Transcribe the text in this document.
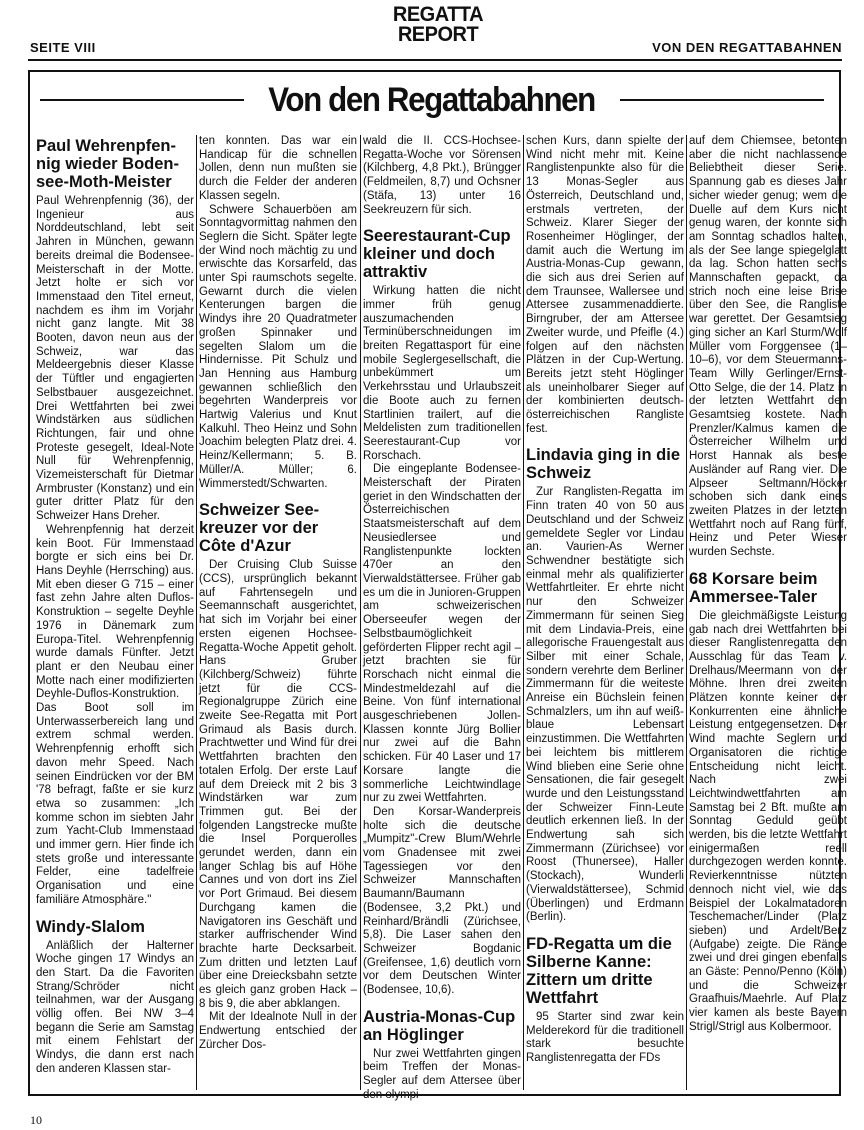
SEITE VIII
REGATTA
REPORT
VON DEN REGATTABAHNEN
Von den Regattabahnen
Paul Wehrenpfen-nig wieder Boden-see-Moth-Meister

Paul Wehrenpfennig (36), der Ingenieur aus Norddeutschland, lebt seit Jahren in München, gewann bereits dreimal die Bodensee-Meisterschaft in der Motte. Jetzt holte er sich vor Immenstaad den Titel erneut, nachdem es ihm im Vorjahr nicht ganz langte. Mit 38 Booten, davon neun aus der Schweiz, war das Meldeergebnis dieser Klasse der Tüftler und engagierten Selbstbauer ausgezeichnet. Drei Wettfahrten bei zwei Windstärken aus südlichen Richtungen, fair und ohne Proteste gesegelt, Ideal-Note Null für Wehrenpfennig, Vizemeisterschaft für Dietmar Armbruster (Konstanz) und ein guter dritter Platz für den Schweizer Hans Dreher.

Wehrenpfennig hat derzeit kein Boot. Für Immenstaad borgte er sich eins bei Dr. Hans Deyhle (Herrsching) aus. Mit eben dieser G 715 – einer fast zehn Jahre alten Duflos-Konstruktion – segelte Deyhle 1976 in Dänemark zum Europa-Titel. Wehrenpfennig wurde damals Fünfter. Jetzt plant er den Neubau einer Motte nach einer modifizierten Deyhle-Duflos-Konstruktion. Das Boot soll im Unterwasserbereich lang und extrem schmal werden. Wehrenpfennig erhofft sich davon mehr Speed. Nach seinen Eindrücken vor der BM '78 befragt, faßte er sie kurz etwa so zusammen: „Ich komme schon im siebten Jahr zum Yacht-Club Immenstaad und immer gern. Hier finde ich stets große und interessante Felder, eine tadelfreie Organisation und eine familiäre Atmosphäre."

Windy-Slalom

Anläßlich der Halterner Woche gingen 17 Windys an den Start. Da die Favoriten Strang/Schröder nicht teilnahmen, war der Ausgang völlig offen. Bei NW 3–4 begann die Serie am Samstag mit einem Fehlstart der Windys, die dann erst nach den anderen Klassen star-

ten konnten. Das war ein Handicap für die schnellen Jollen, denn nun mußten sie durch die Felder der anderen Klassen segeln.

Schwere Schauerböen am Sonntagvormittag nahmen den Seglern die Sicht. Später legte der Wind noch mächtig zu und erwischte das Korsarfeld, das unter Spi raumschots segelte. Gewarnt durch die vielen Kenterungen bargen die Windys ihre 20 Quadratmeter großen Spinnaker und segelten Slalom um die Hindernisse. Pit Schulz und Jan Henning aus Hamburg gewannen schließlich den begehrten Wanderpreis vor Hartwig Valerius und Knut Kalkuhl. Theo Heinz und Sohn Joachim belegten Platz drei. 4. Heinz/Kellermann; 5. B. Müller/A. Müller; 6. Wimmerstedt/Schwarten.

Schweizer See-kreuzer vor der Côte d'Azur

Der Cruising Club Suisse (CCS), ursprünglich bekannt auf Fahrtensegeln und Seemannschaft ausgerichtet, hat sich im Vorjahr bei einer ersten eigenen Hochsee-Regatta-Woche Appetit geholt. Hans Gruber (Kilchberg/Schweiz) führte jetzt für die CCS-Regionalgruppe Zürich eine zweite See-Regatta mit Port Grimaud als Basis durch. Prachtwetter und Wind für drei Wettfahrten brachten den totalen Erfolg. Der erste Lauf auf dem Dreieck mit 2 bis 3 Windstärken war zum Trimmen gut. Bei der folgenden Langstrecke mußte die Insel Porquerolles gerundet werden, dann ein langer Schlag bis auf Höhe Cannes und von dort ins Ziel vor Port Grimaud. Bei diesem Durchgang kamen die Navigatoren ins Geschäft und starker auffrischender Wind brachte harte Decksarbeit. Zum dritten und letzten Lauf über eine Dreiecksbahn setzte es gleich ganz groben Hack – 8 bis 9, die aber abklangen.

Mit der Idealnote Null in der Endwertung entschied der Zürcher Dos-

wald die II. CCS-Hochsee-Regatta-Woche vor Sörensen (Kilchberg, 4,8 Pkt.), Brüngger (Feldmeilen, 8,7) und Ochsner (Stäfa, 13) unter 16 Seekreuzern für sich.

Seerestaurant-Cup kleiner und doch attraktiv

Wirkung hatten die nicht immer früh genug auszumachenden Terminüberschneidungen im breiten Regattasport für eine mobile Seglergesellschaft, die unbekümmert um Verkehrsstau und Urlaubszeit die Boote auch zu fernen Startlinien trailert, auf die Meldelisten zum traditionellen Seerestaurant-Cup vor Rorschach.

Die eingeplante Bodensee-Meisterschaft der Piraten geriet in den Windschatten der Österreichischen Staatsmeisterschaft auf dem Neusiedlersee und Ranglistenpunkte lockten 470er an den Vierwaldstättersee. Früher gab es um die in Junioren-Gruppen am schweizerischen Oberseeufer wegen der Selbstbaumöglichkeit geförderten Flipper recht agil – jetzt brachten sie für Rorschach nicht einmal die Mindestmeldezahl auf die Beine. Von fünf international ausgeschriebenen Jollen-Klassen konnte Jürg Bollier nur zwei auf die Bahn schicken. Für 40 Laser und 17 Korsare langte die sommerliche Leichtwindlage nur zu zwei Wettfahrten.

Den Korsar-Wanderpreis holte sich die deutsche „Mumpitz"-Crew Blum/Wehrle vom Gnadensee mit zwei Tagessiegen vor den Schweizer Mannschaften Baumann/Baumann (Bodensee, 3,2 Pkt.) und Reinhard/Brändli (Zürichsee, 5,8). Die Laser sahen den Schweizer Bogdanic (Greifensee, 1,6) deutlich vorn vor dem Deutschen Winter (Bodensee, 10,6).

Austria-Monas-Cup an Höglinger

Nur zwei Wettfahrten gingen beim Treffen der Monas-Segler auf dem Attersee über den olympi-

schen Kurs, dann spielte der Wind nicht mehr mit. Keine Ranglistenpunkte also für die 13 Monas-Segler aus Österreich, Deutschland und, erstmals vertreten, der Schweiz. Klarer Sieger der Rosenheimer Höglinger, der damit auch die Wertung im Austria-Monas-Cup gewann, die sich aus drei Serien auf dem Traunsee, Wallersee und Attersee zusammenaddierte. Birngruber, der am Attersee Zweiter wurde, und Pfeifle (4.) folgen auf den nächsten Plätzen in der Cup-Wertung. Bereits jetzt steht Höglinger als uneinholbarer Sieger auf der kombinierten deutsch-österreichischen Rangliste fest.

Lindavia ging in die Schweiz

Zur Ranglisten-Regatta im Finn traten 40 von 50 aus Deutschland und der Schweiz gemeldete Segler vor Lindau an. Vaurien-As Werner Schwendner bestätigte sich einmal mehr als qualifizierter Wettfahrtleiter. Er ehrte nicht nur den Schweizer Zimmermann für seinen Sieg mit dem Lindavia-Preis, eine allegorische Frauengestalt aus Silber mit einer Schale, sondern verehrte dem Berliner Zimmermann für die weiteste Anreise ein Büchslein feinen Schmalzlers, um ihn auf weiß-blaue Lebensart einzustimmen. Die Wettfahrten bei leichtem bis mittlerem Wind blieben eine Serie ohne Sensationen, die fair gesegelt wurde und den Leistungsstand der Schweizer Finn-Leute deutlich erkennen ließ. In der Endwertung sah sich Zimmermann (Zürichsee) vor Roost (Thunersee), Haller (Stockach), Wunderli (Vierwaldstättersee), Schmid (Überlingen) und Erdmann (Berlin).

FD-Regatta um die Silberne Kanne: Zittern um dritte Wettfahrt

95 Starter sind zwar kein Melderekord für die traditionell stark besuchte Ranglistenregatta der FDs

auf dem Chiemsee, betonten aber die nicht nachlassende Beliebtheit dieser Serie. Spannung gab es dieses Jahr sicher wieder genug; wem die Duelle auf dem Kurs nicht genug waren, der konnte sich am Sonntag schadlos halten, als der See lange spiegelglatt da lag. Schon hatten sechs Mannschaften gepackt, da strich noch eine leise Brise über den See, die Rangliste war gerettet. Der Gesamtsieg ging sicher an Karl Sturm/Wolf Müller vom Forggensee (1–10–6), vor dem Steuermanns-Team Willy Gerlinger/Ernst-Otto Selge, die der 14. Platz in der letzten Wettfahrt den Gesamtsieg kostete. Nach Prenzler/Kalmus kamen die Österreicher Wilhelm und Horst Hannak als beste Ausländer auf Rang vier. Die Alpseer Seltmann/Höcker schoben sich dank eines zweiten Platzes in der letzten Wettfahrt noch auf Rang fünf, Heinz und Peter Wieser wurden Sechste.

68 Korsare beim Ammersee-Taler

Die gleichmäßigste Leistung gab nach drei Wettfahrten bei dieser Ranglistenregatta den Ausschlag für das Team v. Drelhaus/Meermann von der Möhne. Ihren drei zweiten Plätzen konnte keiner der Konkurrenten eine ähnliche Leistung entgegensetzen. Der Wind machte Seglern und Organisatoren die richtige Entscheidung nicht leicht. Nach zwei Leichtwindwettfahrten am Samstag bei 2 Bft. mußte am Sonntag Geduld geübt werden, bis die letzte Wettfahrt einigermaßen reell durchgezogen werden konnte. Revierkenntnisse nützten dennoch nicht viel, wie das Beispiel der Lokalmatadoren Teschemacher/Linder (Platz sieben) und Ardelt/Berz (Aufgabe) zeigte. Die Ränge zwei und drei gingen ebenfalls an Gäste: Penno/Penno (Köln) und die Schweizer Graafhuis/Maehrle. Auf Platz vier kamen als beste Bayern Strigl/Strigl aus Kolbermoor.

10
